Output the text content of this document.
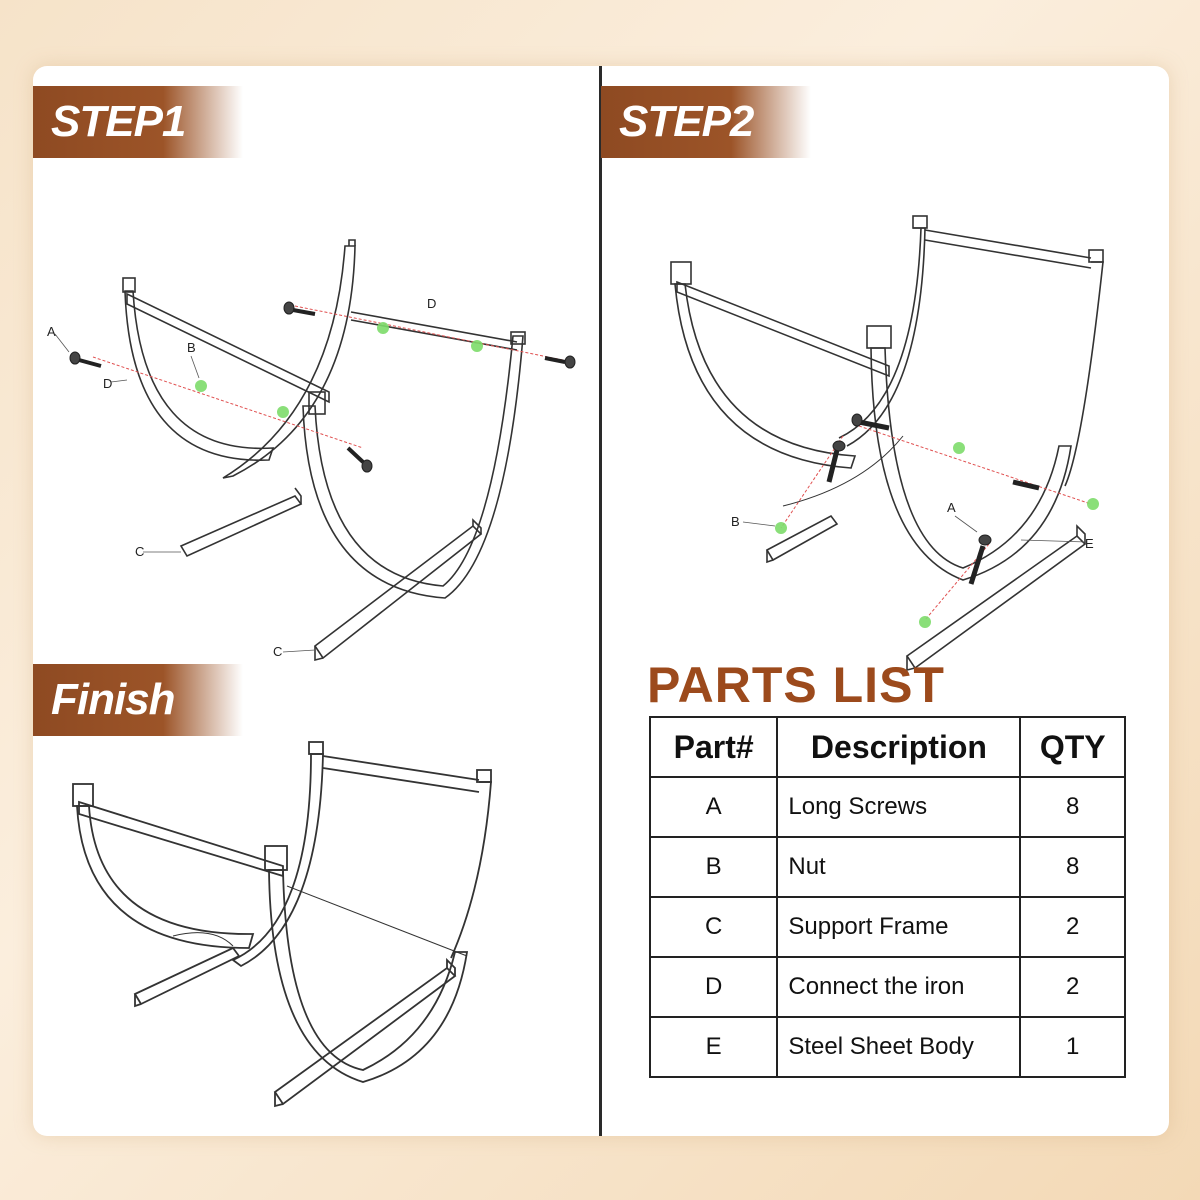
STEP1
A
B
D
D
C
C
STEP2
B
A
E
Finish	PARTS LIST
Part#	Description	QTY
A	Long Screws	8
B	Nut	8
C	Support Frame	2
D	Connect the iron	2
E	Steel Sheet Body	1
